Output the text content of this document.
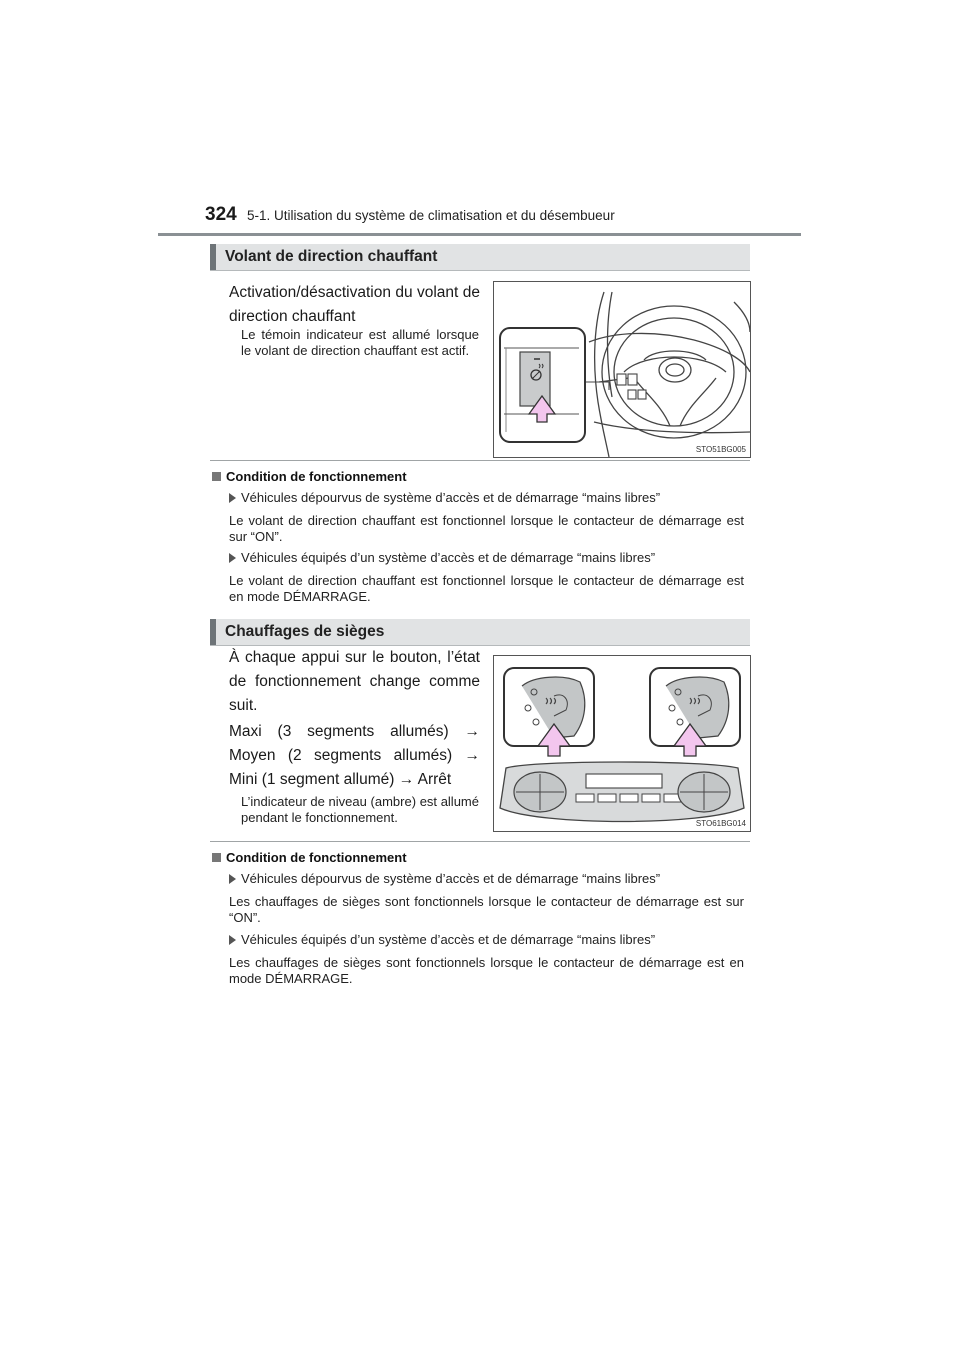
324 5-1. Utilisation du système de climatisation et du désembueur
Volant de direction chauffant
Activation/désactivation du volant de direction chauffant
Le témoin indicateur est allumé lorsque le volant de direction chauffant est actif.
STO51BG005
Condition de fonctionnement
Véhicules dépourvus de système d’accès et de démarrage “mains libres”
Le volant de direction chauffant est fonctionnel lorsque le contacteur de démarrage est sur “ON”.
Véhicules équipés d’un système d’accès et de démarrage “mains libres”
Le volant de direction chauffant est fonctionnel lorsque le contacteur de démarrage est en mode DÉMARRAGE.
Chauffages de sièges
À chaque appui sur le bouton, l’état de fonctionnement change comme suit.
Maxi (3 segments allumés) →
Moyen (2 segments allumés) →
Mini (1 segment allumé) → Arrêt
L’indicateur de niveau (ambre) est allumé pendant le fonctionnement.	STO61BG014
Condition de fonctionnement
Véhicules dépourvus de système d’accès et de démarrage “mains libres”
Les chauffages de sièges sont fonctionnels lorsque le contacteur de démarrage est sur “ON”.
Véhicules équipés d’un système d’accès et de démarrage “mains libres”
Les chauffages de sièges sont fonctionnels lorsque le contacteur de démarrage est en mode DÉMARRAGE.
